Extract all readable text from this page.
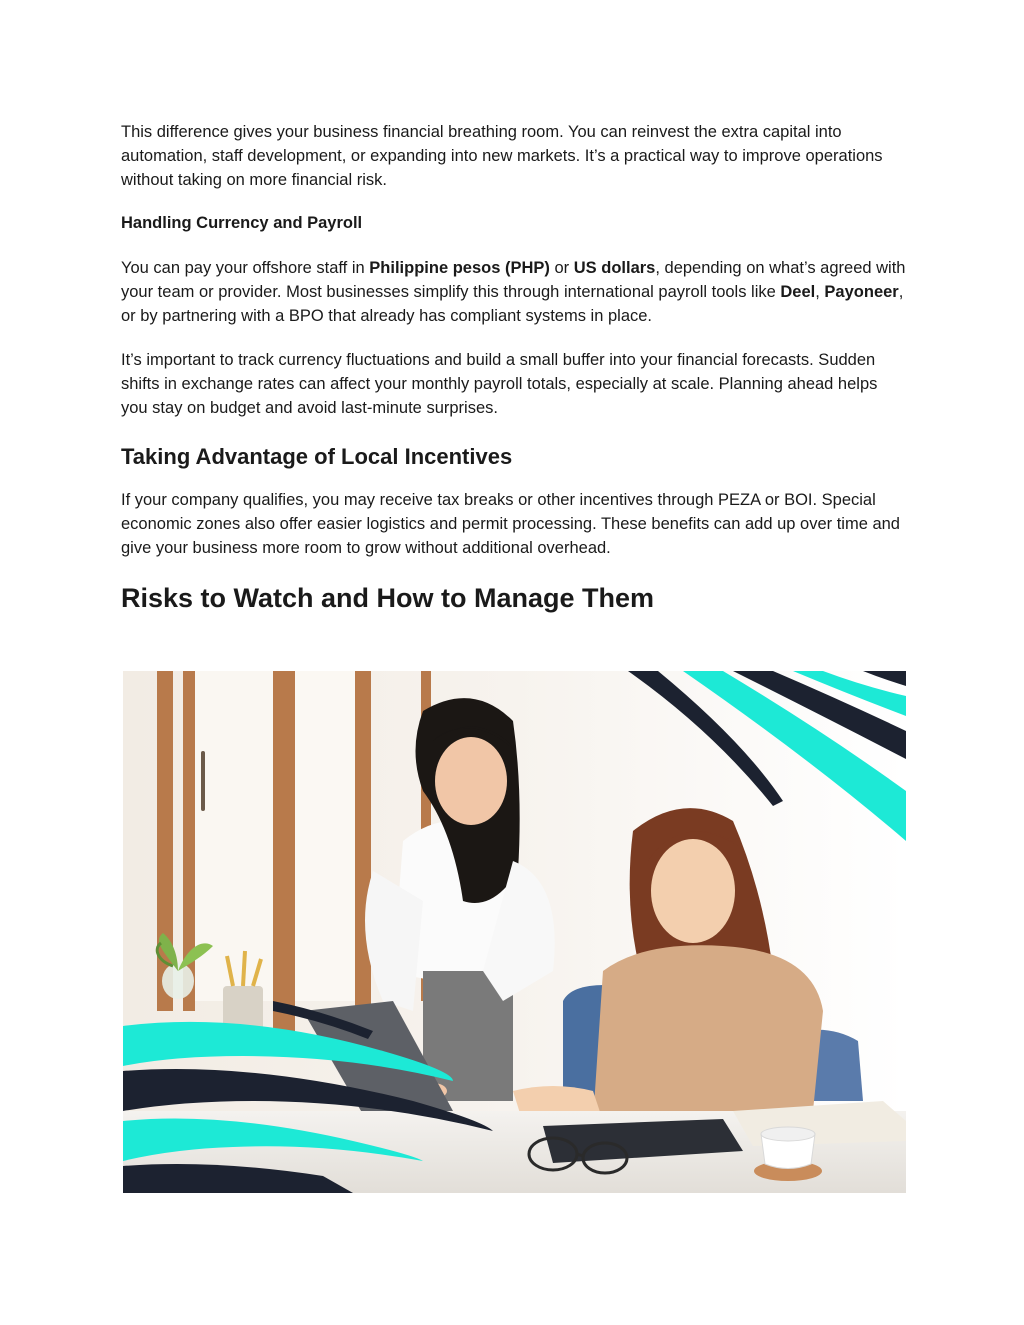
This difference gives your business financial breathing room. You can reinvest the extra capital into automation, staff development, or expanding into new markets. It’s a practical way to improve operations without taking on more financial risk.

Handling Currency and Payroll

You can pay your offshore staff in Philippine pesos (PHP) or US dollars, depending on what’s agreed with your team or provider. Most businesses simplify this through international payroll tools like Deel, Payoneer, or by partnering with a BPO that already has compliant systems in place.

It’s important to track currency fluctuations and build a small buffer into your financial forecasts. Sudden shifts in exchange rates can affect your monthly payroll totals, especially at scale. Planning ahead helps you stay on budget and avoid last-minute surprises.

Taking Advantage of Local Incentives

If your company qualifies, you may receive tax breaks or other incentives through PEZA or BOI. Special economic zones also offer easier logistics and permit processing. These benefits can add up over time and give your business more room to grow without additional overhead.

Risks to Watch and How to Manage Them
